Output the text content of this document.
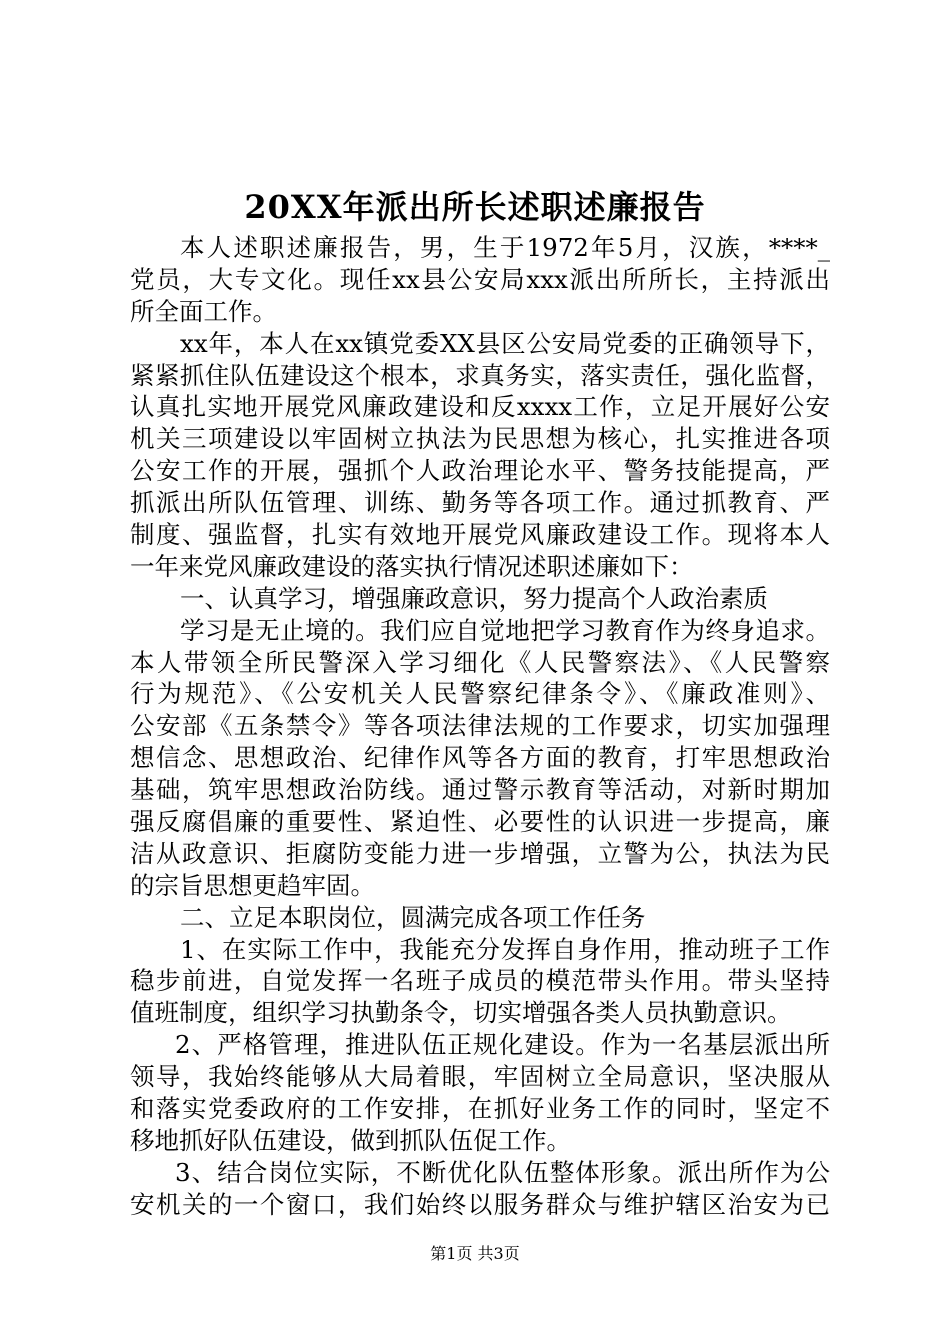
20XX年派出所长述职述廉报告
本人述职述廉报告，男，生于1972年5月，汉族，****_
党员，大专文化。现任xx县公安局xxx派出所所长，主持派出
所全面工作。
xx年，本人在xx镇党委XX县区公安局党委的正确领导下，
紧紧抓住队伍建设这个根本，求真务实，落实责任，强化监督，
认真扎实地开展党风廉政建设和反xxxx工作，立足开展好公安
机关三项建设以牢固树立执法为民思想为核心，扎实推进各项
公安工作的开展，强抓个人政治理论水平、警务技能提高，严
抓派出所队伍管理、训练、勤务等各项工作。通过抓教育、严
制度、强监督，扎实有效地开展党风廉政建设工作。现将本人
一年来党风廉政建设的落实执行情况述职述廉如下：
一、认真学习，增强廉政意识，努力提高个人政治素质
学习是无止境的。我们应自觉地把学习教育作为终身追求。
本人带领全所民警深入学习细化《人民警察法》、《人民警察
行为规范》、《公安机关人民警察纪律条令》、《廉政准则》、
公安部《五条禁令》等各项法律法规的工作要求，切实加强理
想信念、思想政治、纪律作风等各方面的教育，打牢思想政治
基础，筑牢思想政治防线。通过警示教育等活动，对新时期加
强反腐倡廉的重要性、紧迫性、必要性的认识进一步提高，廉
洁从政意识、拒腐防变能力进一步增强，立警为公，执法为民
的宗旨思想更趋牢固。
二、立足本职岗位，圆满完成各项工作任务
1、在实际工作中，我能充分发挥自身作用，推动班子工作
稳步前进，自觉发挥一名班子成员的模范带头作用。带头坚持
值班制度，组织学习执勤条令，切实增强各类人员执勤意识。
2、严格管理，推进队伍正规化建设。作为一名基层派出所
领导，我始终能够从大局着眼，牢固树立全局意识，坚决服从
和落实党委政府的工作安排，在抓好业务工作的同时，坚定不
移地抓好队伍建设，做到抓队伍促工作。
3、结合岗位实际，不断优化队伍整体形象。派出所作为公
安机关的一个窗口，我们始终以服务群众与维护辖区治安为已
第1页 共3页
